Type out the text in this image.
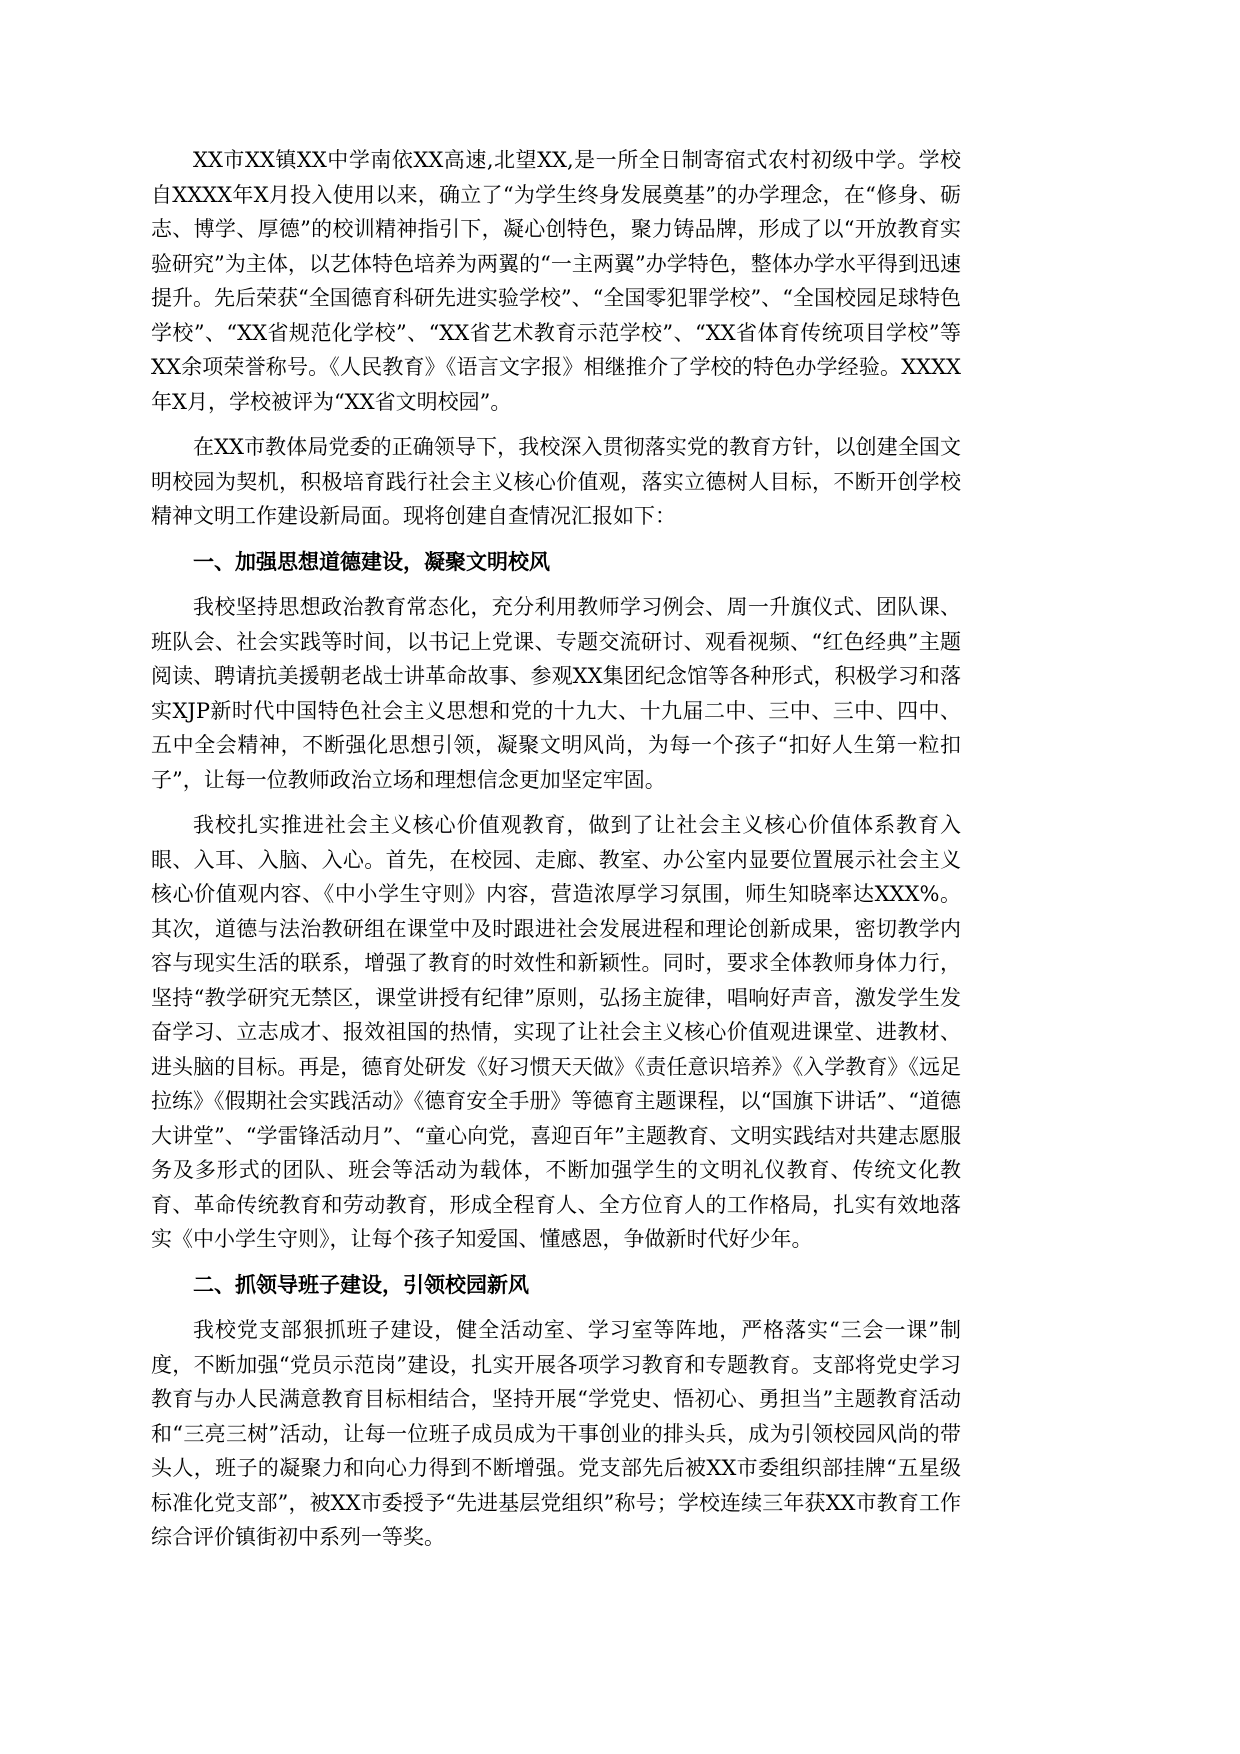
XX市XX镇XX中学南依XX高速,北望XX,是一所全日制寄宿式农村初级中学。学校自XXXX年X月投入使用以来，确立了“为学生终身发展奠基”的办学理念，在“修身、砺志、博学、厚德”的校训精神指引下，凝心创特色，聚力铸品牌，形成了以“开放教育实验研究”为主体，以艺体特色培养为两翼的“一主两翼”办学特色，整体办学水平得到迅速提升。先后荣获“全国德育科研先进实验学校”、“全国零犯罪学校”、“全国校园足球特色学校”、“XX省规范化学校”、“XX省艺术教育示范学校”、“XX省体育传统项目学校”等XX余项荣誉称号。《人民教育》《语言文字报》相继推介了学校的特色办学经验。XXXX年X月，学校被评为“XX省文明校园”。

在XX市教体局党委的正确领导下，我校深入贯彻落实党的教育方针，以创建全国文明校园为契机，积极培育践行社会主义核心价值观，落实立德树人目标，不断开创学校精神文明工作建设新局面。现将创建自查情况汇报如下：

一、加强思想道德建设，凝聚文明校风

我校坚持思想政治教育常态化，充分利用教师学习例会、周一升旗仪式、团队课、班队会、社会实践等时间，以书记上党课、专题交流研讨、观看视频、“红色经典”主题阅读、聘请抗美援朝老战士讲革命故事、参观XX集团纪念馆等各种形式，积极学习和落实XJP新时代中国特色社会主义思想和党的十九大、十九届二中、三中、三中、四中、五中全会精神，不断强化思想引领，凝聚文明风尚，为每一个孩子“扣好人生第一粒扣子”，让每一位教师政治立场和理想信念更加坚定牢固。

我校扎实推进社会主义核心价值观教育，做到了让社会主义核心价值体系教育入眼、入耳、入脑、入心。首先，在校园、走廊、教室、办公室内显要位置展示社会主义核心价值观内容、《中小学生守则》内容，营造浓厚学习氛围，师生知晓率达XXX%。其次，道德与法治教研组在课堂中及时跟进社会发展进程和理论创新成果，密切教学内容与现实生活的联系，增强了教育的时效性和新颖性。同时，要求全体教师身体力行，坚持“教学研究无禁区，课堂讲授有纪律”原则，弘扬主旋律，唱响好声音，激发学生发奋学习、立志成才、报效祖国的热情，实现了让社会主义核心价值观进课堂、进教材、进头脑的目标。再是，德育处研发《好习惯天天做》《责任意识培养》《入学教育》《远足拉练》《假期社会实践活动》《德育安全手册》等德育主题课程，以“国旗下讲话”、“道德大讲堂”、“学雷锋活动月”、“童心向党，喜迎百年”主题教育、文明实践结对共建志愿服务及多形式的团队、班会等活动为载体，不断加强学生的文明礼仪教育、传统文化教育、革命传统教育和劳动教育，形成全程育人、全方位育人的工作格局，扎实有效地落实《中小学生守则》，让每个孩子知爱国、懂感恩，争做新时代好少年。

二、抓领导班子建设，引领校园新风

我校党支部狠抓班子建设，健全活动室、学习室等阵地，严格落实“三会一课”制度，不断加强“党员示范岗”建设，扎实开展各项学习教育和专题教育。支部将党史学习教育与办人民满意教育目标相结合，坚持开展“学党史、悟初心、勇担当”主题教育活动和“三亮三树”活动，让每一位班子成员成为干事创业的排头兵，成为引领校园风尚的带头人，班子的凝聚力和向心力得到不断增强。党支部先后被XX市委组织部挂牌“五星级标准化党支部”，被XX市委授予“先进基层党组织”称号；学校连续三年获XX市教育工作综合评价镇街初中系列一等奖。
